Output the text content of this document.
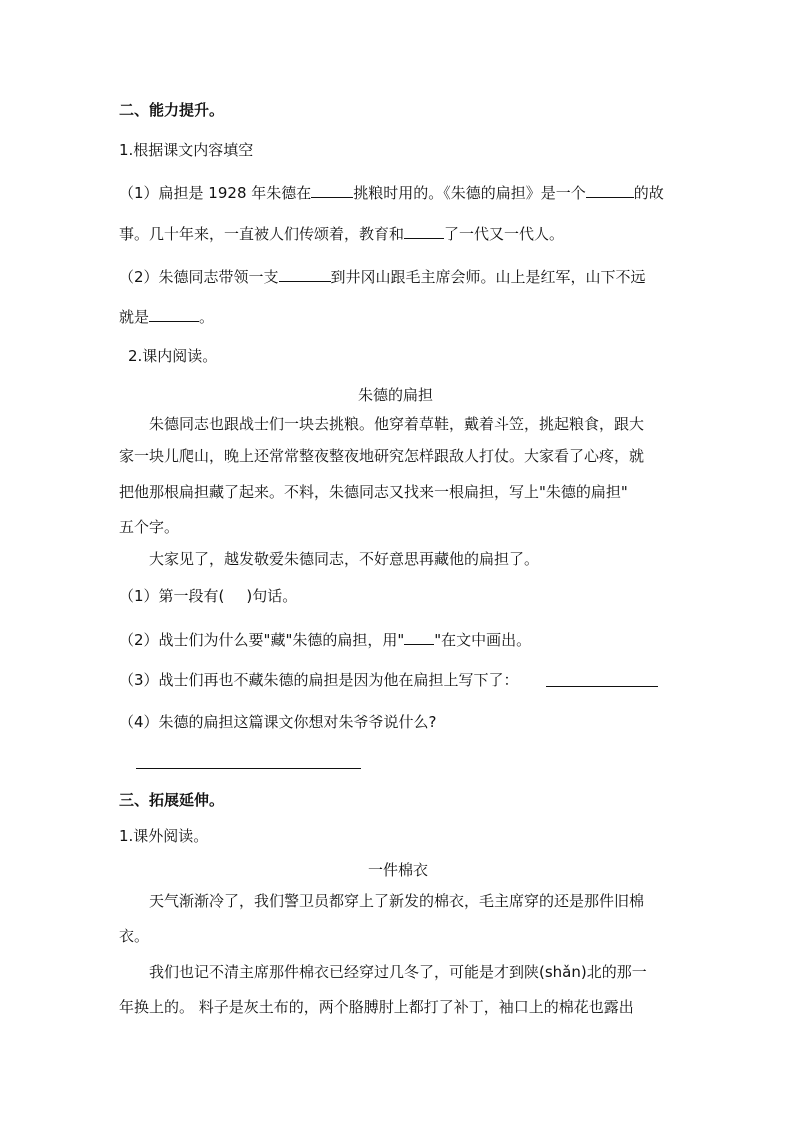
二、能力提升。
1.根据课文内容填空
（1）扁担是 1928 年朱德在	挑粮时用的。《朱德的扁担》是一个	的故
事。几十年来，一直被人们传颂着，教育和	了一代又一代人。
（2）朱德同志带领一支	到井冈山跟毛主席会师。山上是红军，山下不远
就是	。
2.课内阅读。
朱德的扁担
朱德同志也跟战士们一块去挑粮。他穿着草鞋，戴着斗笠，挑起粮食，跟大
家一块儿爬山，晚上还常常整夜整夜地研究怎样跟敌人打仗。大家看了心疼，就
把他那根扁担藏了起来。不料，朱德同志又找来一根扁担，写上"朱德的扁担"
五个字。
大家见了，越发敬爱朱德同志，不好意思再藏他的扁担了。
（1）第一段有( )句话。
（2）战士们为什么要"藏"朱德的扁担，用" "在文中画出。
（3）战士们再也不藏朱德的扁担是因为他在扁担上写下了：
（4）朱德的扁担这篇课文你想对朱爷爷说什么?
三、拓展延伸。
1.课外阅读。
一件棉衣
天气渐渐冷了，我们警卫员都穿上了新发的棉衣，毛主席穿的还是那件旧棉
衣。
我们也记不清主席那件棉衣已经穿过几冬了，可能是才到陕(shǎn)北的那一
年换上的。 料子是灰土布的，两个胳膊肘上都打了补丁，袖口上的棉花也露出
